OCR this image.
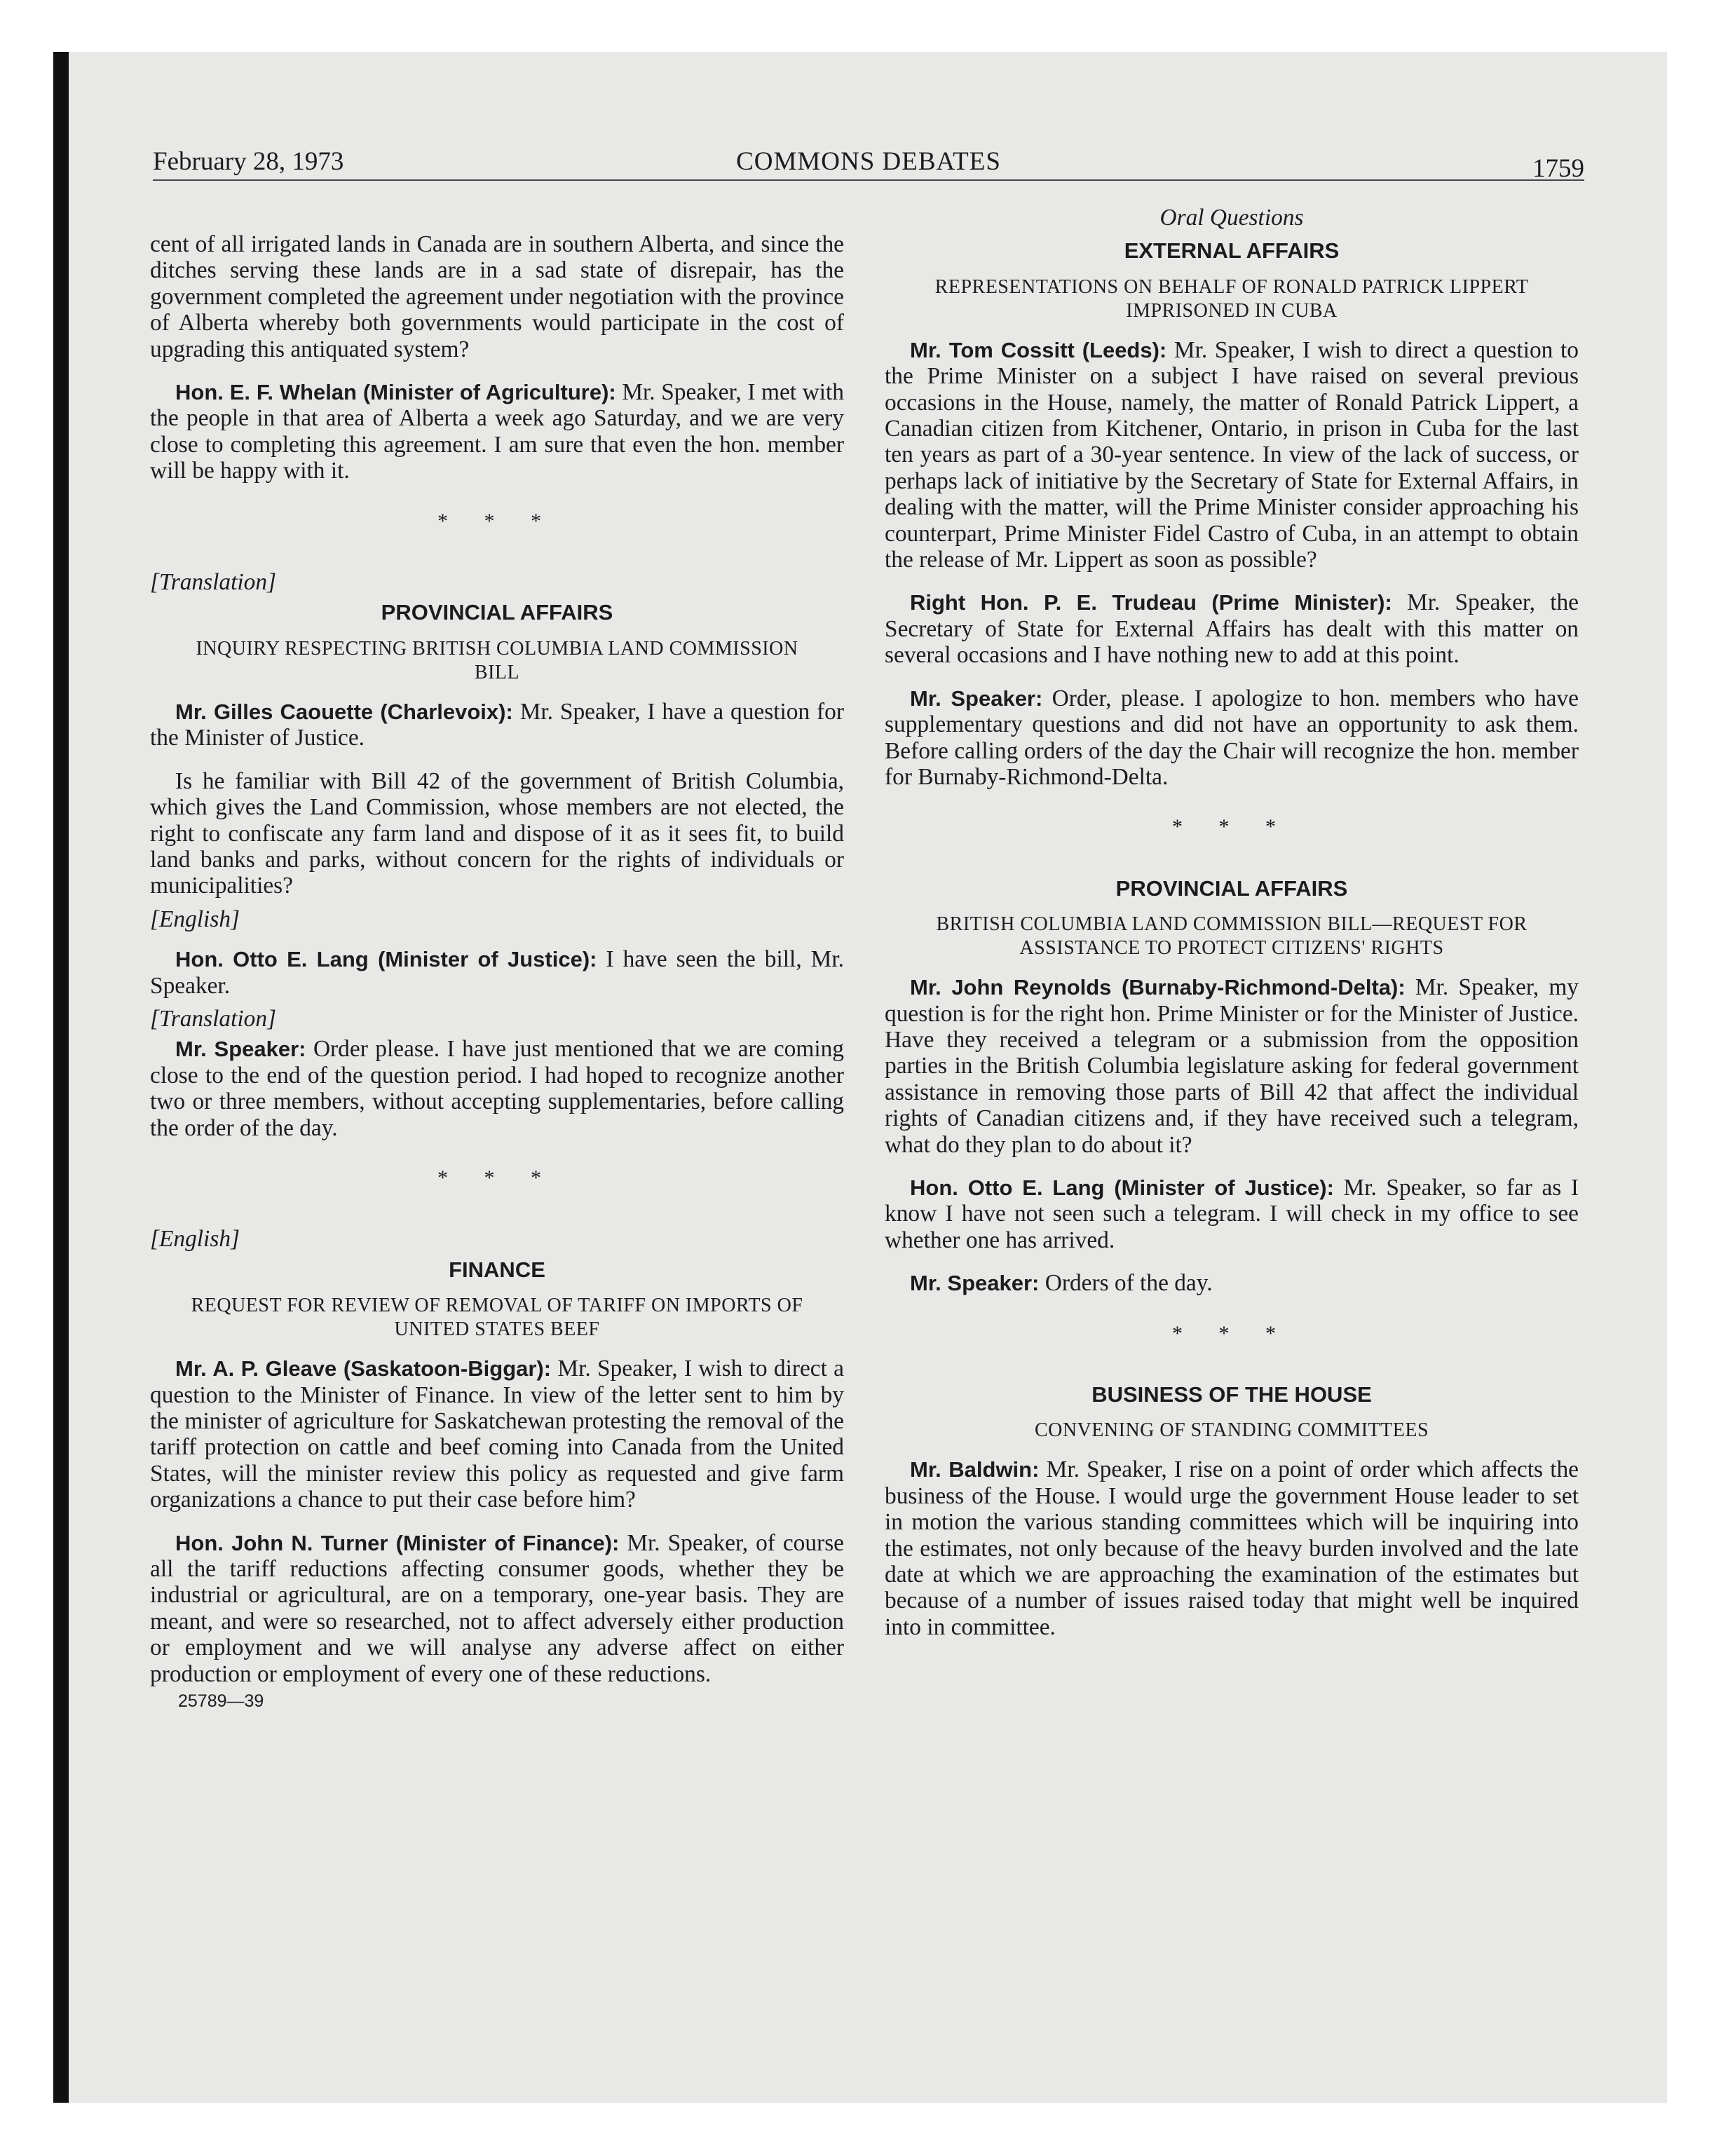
February 28, 1973	COMMONS DEBATES	1759

cent of all irrigated lands in Canada are in southern Alberta, and since the ditches serving these lands are in a sad state of disrepair, has the government completed the agreement under negotiation with the province of Alberta whereby both governments would participate in the cost of upgrading this antiquated system?

Hon. E. F. Whelan (Minister of Agriculture): Mr. Speaker, I met with the people in that area of Alberta a week ago Saturday, and we are very close to completing this agreement. I am sure that even the hon. member will be happy with it.

* * *
[Translation]
PROVINCIAL AFFAIRS
INQUIRY RESPECTING BRITISH COLUMBIA LAND COMMISSION BILL

Mr. Gilles Caouette (Charlevoix): Mr. Speaker, I have a question for the Minister of Justice.

Is he familiar with Bill 42 of the government of British Columbia, which gives the Land Commission, whose members are not elected, the right to confiscate any farm land and dispose of it as it sees fit, to build land banks and parks, without concern for the rights of individuals or municipalities?

[English]

Hon. Otto E. Lang (Minister of Justice): I have seen the bill, Mr. Speaker.

[Translation]

Mr. Speaker: Order please. I have just mentioned that we are coming close to the end of the question period. I had hoped to recognize another two or three members, without accepting supplementaries, before calling the order of the day.

* * *
[English]
FINANCE
REQUEST FOR REVIEW OF REMOVAL OF TARIFF ON IMPORTS OF UNITED STATES BEEF

Mr. A. P. Gleave (Saskatoon-Biggar): Mr. Speaker, I wish to direct a question to the Minister of Finance. In view of the letter sent to him by the minister of agriculture for Saskatchewan protesting the removal of the tariff protection on cattle and beef coming into Canada from the United States, will the minister review this policy as requested and give farm organizations a chance to put their case before him?

Hon. John N. Turner (Minister of Finance): Mr. Speaker, of course all the tariff reductions affecting consumer goods, whether they be industrial or agricultural, are on a temporary, one-year basis. They are meant, and were so researched, not to affect adversely either production or employment and we will analyse any adverse affect on either production or employment of every one of these reductions.

25789—39
Oral Questions
EXTERNAL AFFAIRS
REPRESENTATIONS ON BEHALF OF RONALD PATRICK LIPPERT IMPRISONED IN CUBA

Mr. Tom Cossitt (Leeds): Mr. Speaker, I wish to direct a question to the Prime Minister on a subject I have raised on several previous occasions in the House, namely, the matter of Ronald Patrick Lippert, a Canadian citizen from Kitchener, Ontario, in prison in Cuba for the last ten years as part of a 30-year sentence. In view of the lack of success, or perhaps lack of initiative by the Secretary of State for External Affairs, in dealing with the matter, will the Prime Minister consider approaching his counterpart, Prime Minister Fidel Castro of Cuba, in an attempt to obtain the release of Mr. Lippert as soon as possible?

Right Hon. P. E. Trudeau (Prime Minister): Mr. Speaker, the Secretary of State for External Affairs has dealt with this matter on several occasions and I have nothing new to add at this point.

Mr. Speaker: Order, please. I apologize to hon. members who have supplementary questions and did not have an opportunity to ask them. Before calling orders of the day the Chair will recognize the hon. member for Burnaby-Richmond-Delta.

* * *
PROVINCIAL AFFAIRS
BRITISH COLUMBIA LAND COMMISSION BILL—REQUEST FOR ASSISTANCE TO PROTECT CITIZENS' RIGHTS

Mr. John Reynolds (Burnaby-Richmond-Delta): Mr. Speaker, my question is for the right hon. Prime Minister or for the Minister of Justice. Have they received a telegram or a submission from the opposition parties in the British Columbia legislature asking for federal government assistance in removing those parts of Bill 42 that affect the individual rights of Canadian citizens and, if they have received such a telegram, what do they plan to do about it?

Hon. Otto E. Lang (Minister of Justice): Mr. Speaker, so far as I know I have not seen such a telegram. I will check in my office to see whether one has arrived.

Mr. Speaker: Orders of the day.

* * *
BUSINESS OF THE HOUSE
CONVENING OF STANDING COMMITTEES

Mr. Baldwin: Mr. Speaker, I rise on a point of order which affects the business of the House. I would urge the government House leader to set in motion the various standing committees which will be inquiring into the estimates, not only because of the heavy burden involved and the late date at which we are approaching the examination of the estimates but because of a number of issues raised today that might well be inquired into in committee.
